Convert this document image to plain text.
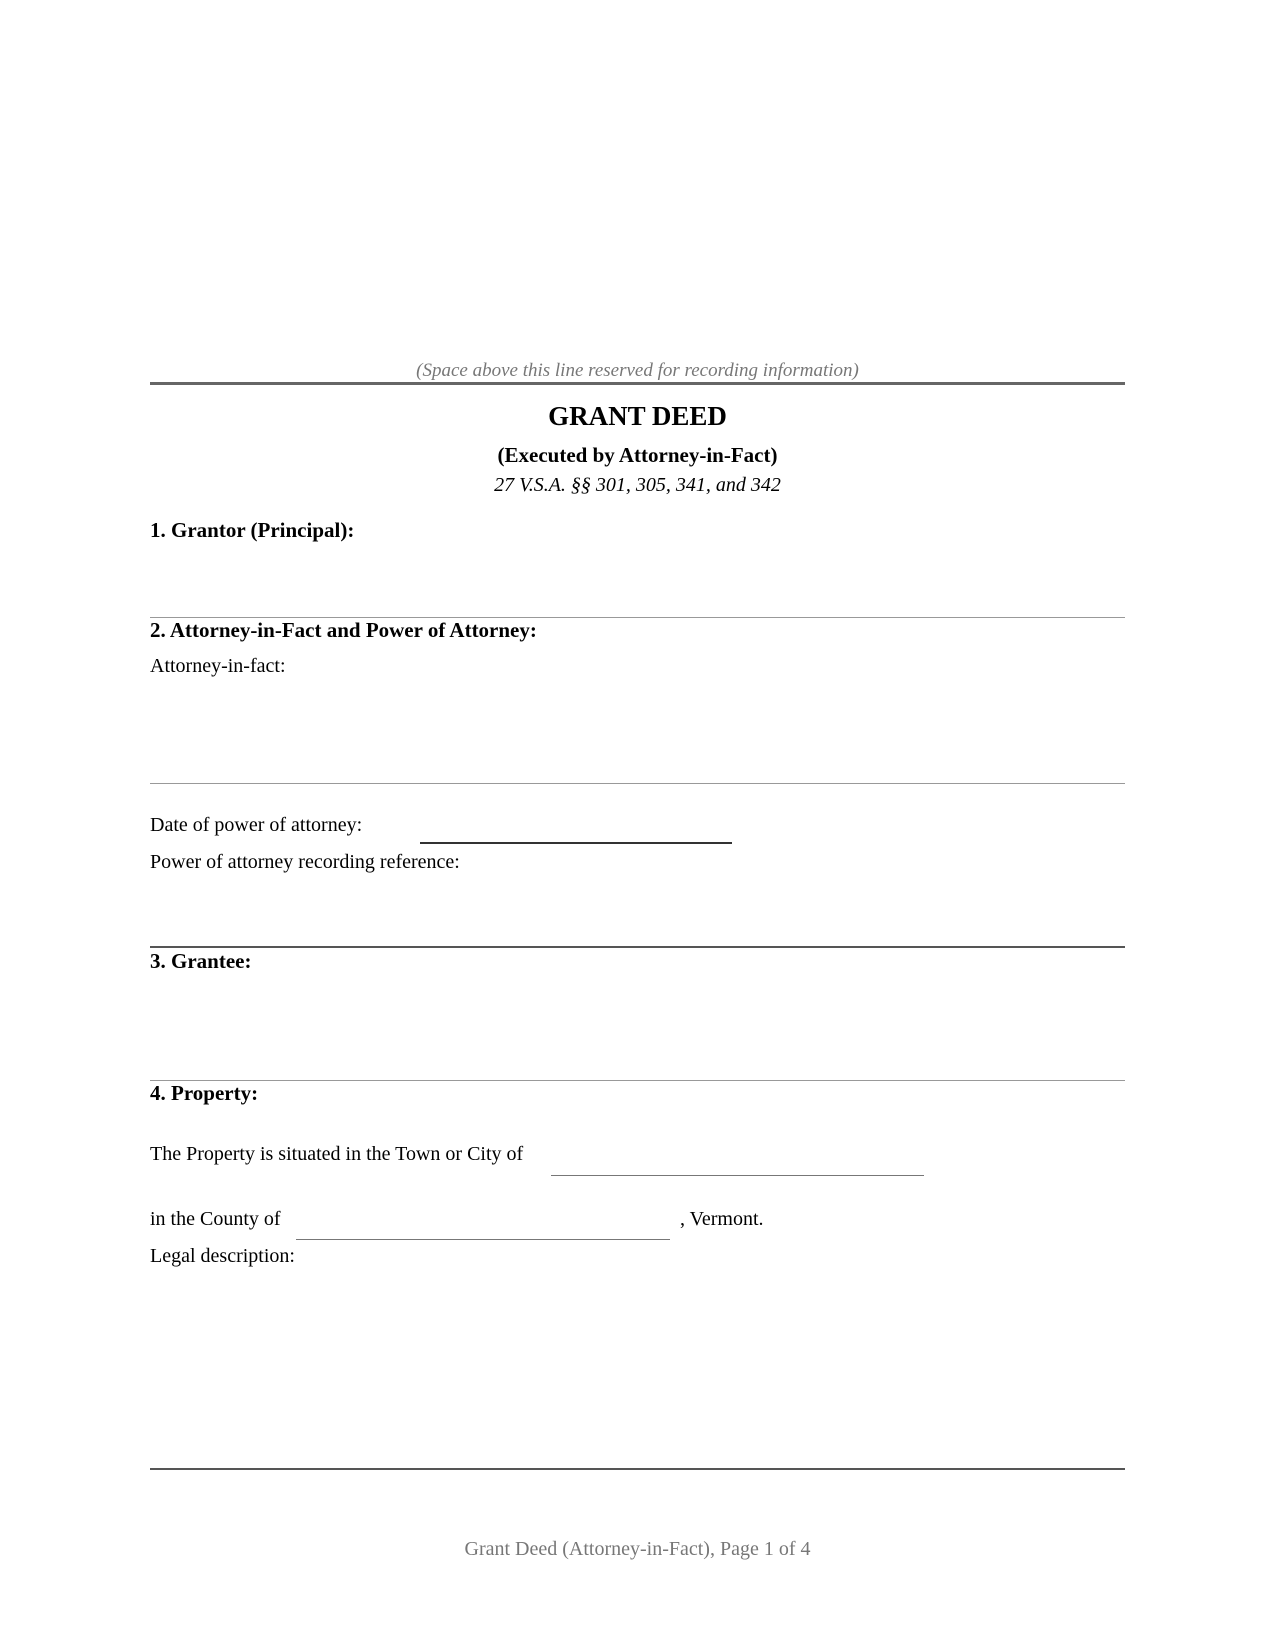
(Space above this line reserved for recording information)
GRANT DEED
(Executed by Attorney-in-Fact)
27 V.S.A. §§ 301, 305, 341, and 342
1. Grantor (Principal):
2. Attorney-in-Fact and Power of Attorney:
Attorney-in-fact:
Date of power of attorney:
Power of attorney recording reference:
3. Grantee:
4. Property:
The Property is situated in the Town or City of
in the County of	, Vermont.
Legal description:
Grant Deed (Attorney-in-Fact), Page 1 of 4
